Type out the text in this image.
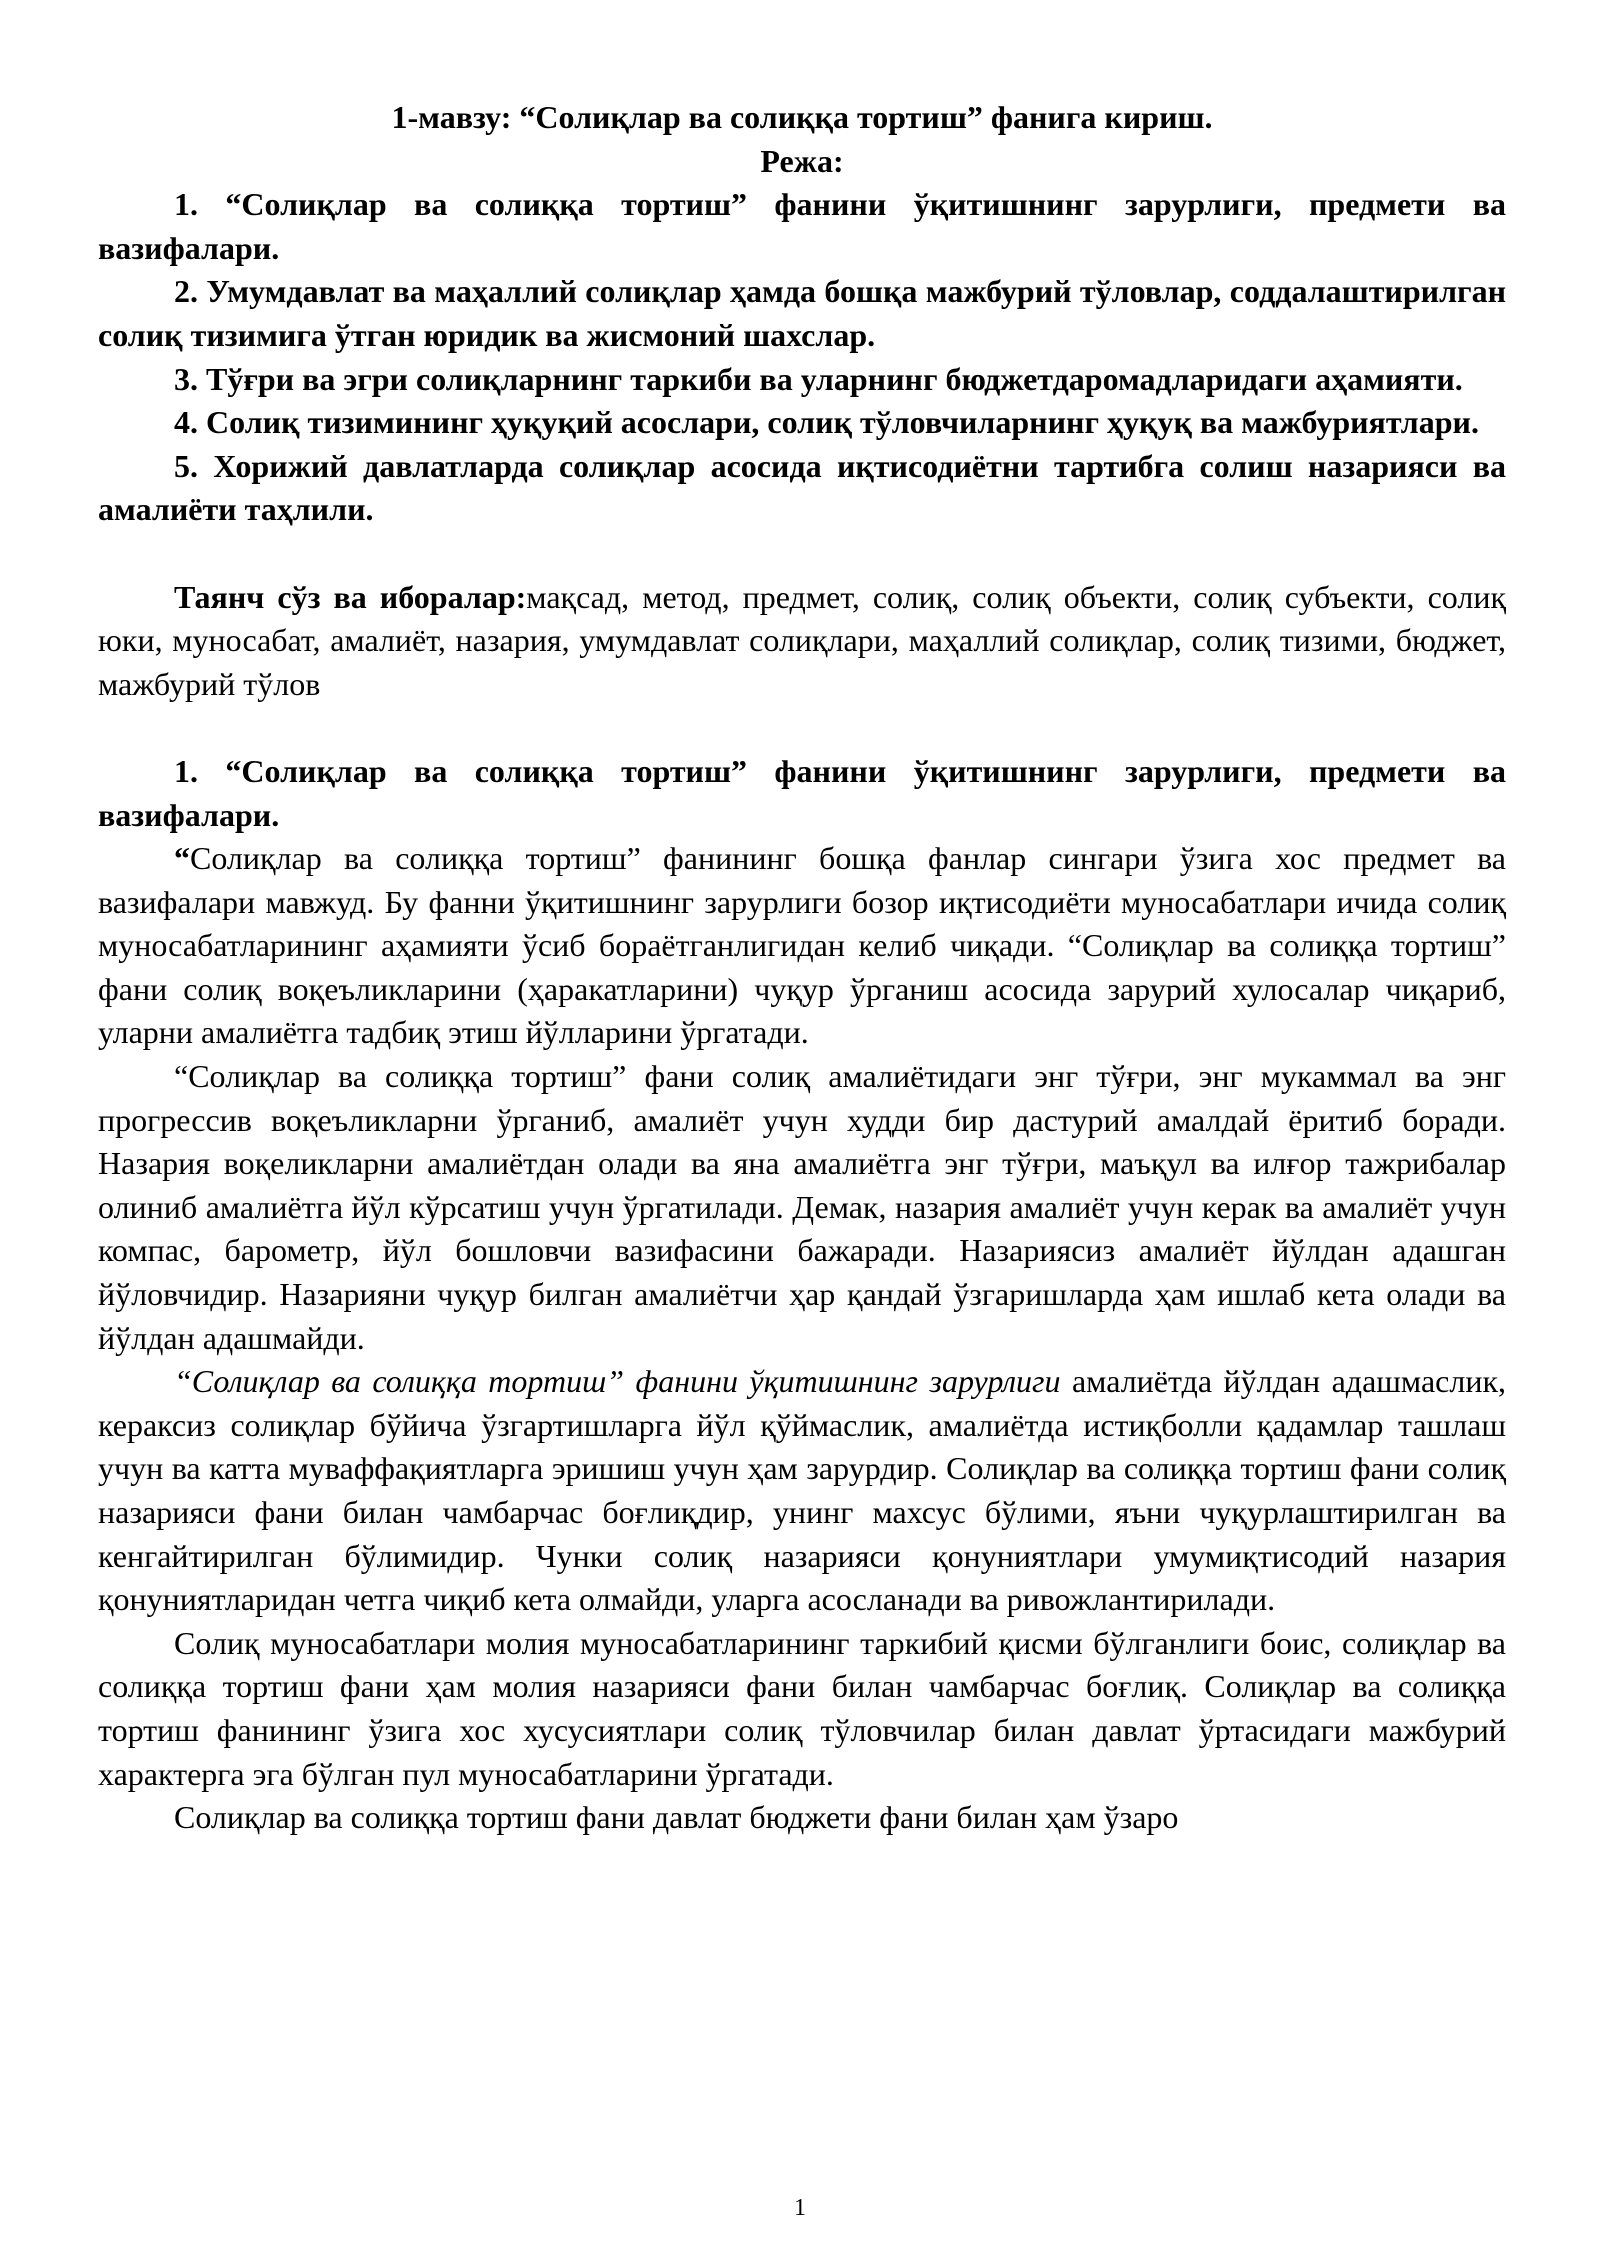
1-мавзу: “Солиқлар ва солиққа тортиш” фанига кириш.

Режа:

1. “Солиқлар ва солиққа тортиш” фанини ўқитишнинг зарурлиги, предмети ва вазифалари.

2. Умумдавлат ва маҳаллий солиқлар ҳамда бошқа мажбурий тўловлар, соддалаштирилган солиқ тизимига ўтган юридик ва жисмоний шахслар.

3. Тўғри ва эгри солиқларнинг таркиби ва уларнинг бюджетдаромадларидаги аҳамияти.

4. Солиқ тизимининг ҳуқуқий асослари, солиқ тўловчиларнинг ҳуқуқ ва мажбуриятлари.

5. Хорижий давлатларда солиқлар асосида иқтисодиётни тартибга солиш назарияси ва амалиёти таҳлили.

Таянч сўз ва иборалар:мақсад, метод, предмет, солиқ, солиқ объекти, солиқ субъекти, солиқ юки, муносабат, амалиёт, назария, умумдавлат солиқлари, маҳаллий солиқлар, солиқ тизими, бюджет, мажбурий тўлов

1. “Солиқлар ва солиққа тортиш” фанини ўқитишнинг зарурлиги, предмети ва вазифалари.

“Солиқлар ва солиққа тортиш” фанининг бошқа фанлар сингари ўзига хос предмет ва вазифалари мавжуд. Бу фанни ўқитишнинг зарурлиги бозор иқтисодиёти муносабатлари ичида солиқ муносабатларининг аҳамияти ўсиб бораётганлигидан келиб чиқади. “Солиқлар ва солиққа тортиш” фани солиқ воқеъликларини (ҳаракатларини) чуқур ўрганиш асосида зарурий хулосалар чиқариб, уларни амалиётга тадбиқ этиш йўлларини ўргатади.

“Солиқлар ва солиққа тортиш” фани солиқ амалиётидаги энг тўғри, энг мукаммал ва энг прогрессив воқеъликларни ўрганиб, амалиёт учун худди бир дастурий амалдай ёритиб боради. Назария воқеликларни амалиётдан олади ва яна амалиётга энг тўғри, маъқул ва илғор тажрибалар олиниб амалиётга йўл кўрсатиш учун ўргатилади. Демак, назария амалиёт учун керак ва амалиёт учун компас, барометр, йўл бошловчи вазифасини бажаради. Назариясиз амалиёт йўлдан адашган йўловчидир. Назарияни чуқур билган амалиётчи ҳар қандай ўзгаришларда ҳам ишлаб кета олади ва йўлдан адашмайди.

“Солиқлар ва солиққа тортиш” фанини ўқитишнинг зарурлиги амалиётда йўлдан адашмаслик, кераксиз солиқлар бўйича ўзгартишларга йўл қўймаслик, амалиётда истиқболли қадамлар ташлаш учун ва катта муваффақиятларга эришиш учун ҳам зарурдир. Солиқлар ва солиққа тортиш фани солиқ назарияси фани билан чамбарчас боғлиқдир, унинг махсус бўлими, яъни чуқурлаштирилган ва кенгайтирилган бўлимидир. Чунки солиқ назарияси қонуниятлари умумиқтисодий назария қонуниятларидан четга чиқиб кета олмайди, уларга асосланади ва ривожлантирилади.

Солиқ муносабатлари молия муносабатларининг таркибий қисми бўлганлиги боис, солиқлар ва солиққа тортиш фани ҳам молия назарияси фани билан чамбарчас боғлиқ. Солиқлар ва солиққа тортиш фанининг ўзига хос хусусиятлари солиқ тўловчилар билан давлат ўртасидаги мажбурий характерга эга бўлган пул муносабатларини ўргатади.

Солиқлар ва солиққа тортиш фани давлат бюджети фани билан ҳам ўзаро

1
